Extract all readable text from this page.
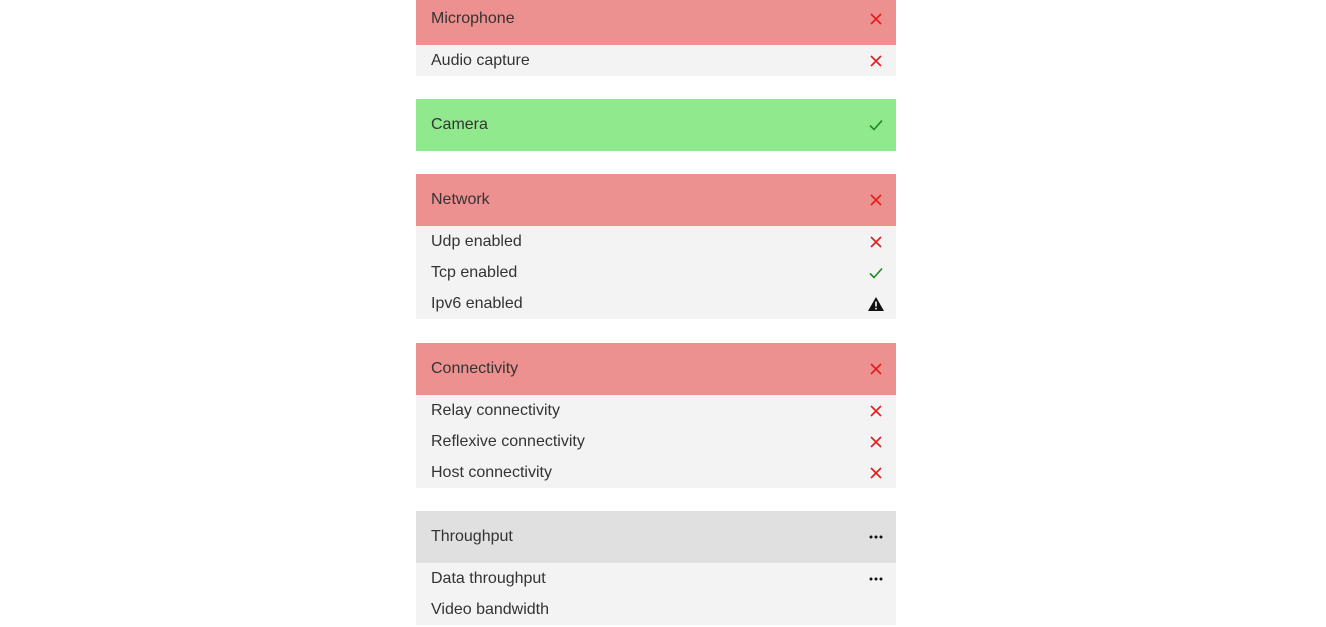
Microphone
Audio capture
Camera
Network
Udp enabled
Tcp enabled
Ipv6 enabled
Connectivity
Relay connectivity
Reflexive connectivity
Host connectivity
Throughput
Data throughput
Video bandwidth
